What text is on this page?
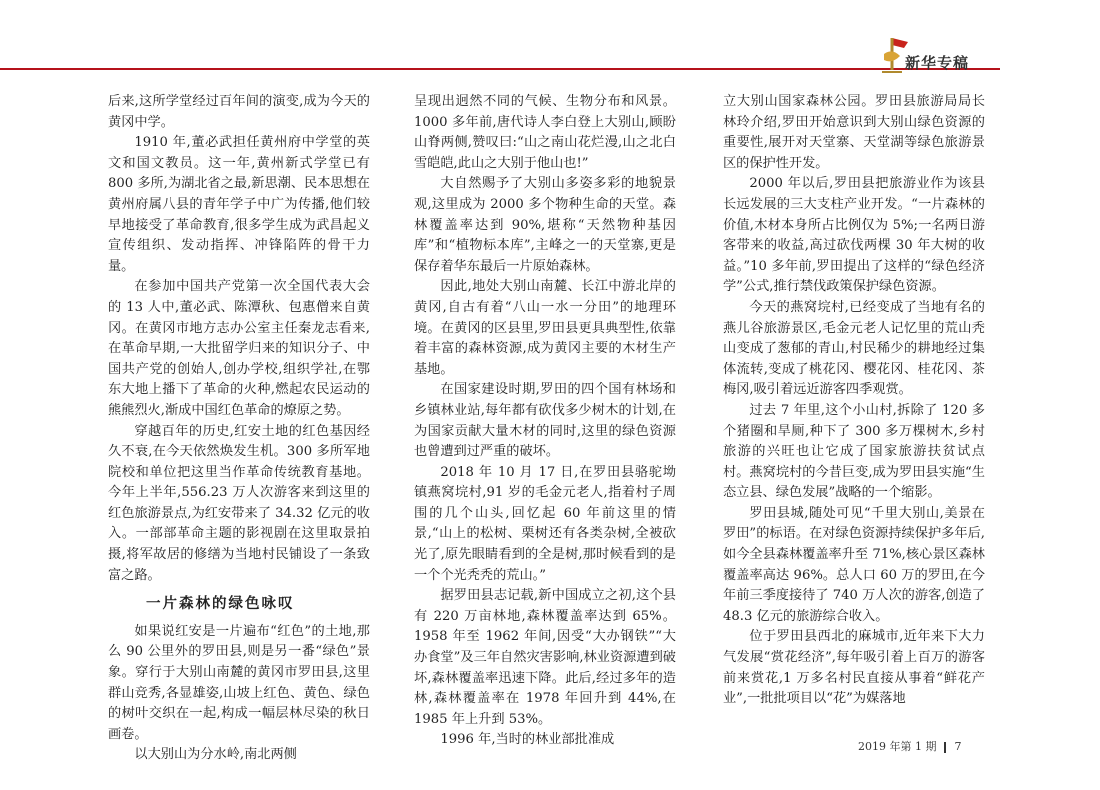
新华专稿

后来,这所学堂经过百年间的演变,成为今天的黄冈中学。

1910 年,董必武担任黄州府中学堂的英文和国文教员。这一年,黄州新式学堂已有 800 多所,为湖北省之最,新思潮、民本思想在黄州府属八县的青年学子中广为传播,他们较早地接受了革命教育,很多学生成为武昌起义宣传组织、发动指挥、冲锋陷阵的骨干力量。

在参加中国共产党第一次全国代表大会的 13 人中,董必武、陈潭秋、包惠僧来自黄冈。在黄冈市地方志办公室主任秦龙志看来,在革命早期,一大批留学归来的知识分子、中国共产党的创始人,创办学校,组织学社,在鄂东大地上播下了革命的火种,燃起农民运动的熊熊烈火,渐成中国红色革命的燎原之势。

穿越百年的历史,红安土地的红色基因经久不衰,在今天依然焕发生机。300 多所军地院校和单位把这里当作革命传统教育基地。今年上半年,556.23 万人次游客来到这里的红色旅游景点,为红安带来了 34.32 亿元的收入。一部部革命主题的影视剧在这里取景拍摄,将军故居的修缮为当地村民铺设了一条致富之路。

一片森林的绿色咏叹

如果说红安是一片遍布“红色”的土地,那么 90 公里外的罗田县,则是另一番“绿色”景象。穿行于大别山南麓的黄冈市罗田县,这里群山竞秀,各显雄姿,山坡上红色、黄色、绿色的树叶交织在一起,构成一幅层林尽染的秋日画卷。

以大别山为分水岭,南北两侧

呈现出迥然不同的气候、生物分布和风景。1000 多年前,唐代诗人李白登上大别山,顾盼山脊两侧,赞叹曰:“山之南山花烂漫,山之北白雪皑皑,此山之大别于他山也!”

大自然赐予了大别山多姿多彩的地貌景观,这里成为 2000 多个物种生命的天堂。森林覆盖率达到 90%,堪称“天然物种基因库”和“植物标本库”,主峰之一的天堂寨,更是保存着华东最后一片原始森林。

因此,地处大别山南麓、长江中游北岸的黄冈,自古有着“八山一水一分田”的地理环境。在黄冈的区县里,罗田县更具典型性,依靠着丰富的森林资源,成为黄冈主要的木材生产基地。

在国家建设时期,罗田的四个国有林场和乡镇林业站,每年都有砍伐多少树木的计划,在为国家贡献大量木材的同时,这里的绿色资源也曾遭到过严重的破坏。

2018 年 10 月 17 日,在罗田县骆驼坳镇燕窝垸村,91 岁的毛金元老人,指着村子周围的几个山头,回忆起 60 年前这里的情景,“山上的松树、栗树还有各类杂树,全被砍光了,原先眼睛看到的全是树,那时候看到的是一个个光秃秃的荒山。”

据罗田县志记载,新中国成立之初,这个县有 220 万亩林地,森林覆盖率达到 65%。1958 年至 1962 年间,因受“大办钢铁”“大办食堂”及三年自然灾害影响,林业资源遭到破坏,森林覆盖率迅速下降。此后,经过多年的造林,森林覆盖率在 1978 年回升到 44%,在 1985 年上升到 53%。

1996 年,当时的林业部批准成

立大别山国家森林公园。罗田县旅游局局长林玲介绍,罗田开始意识到大别山绿色资源的重要性,展开对天堂寨、天堂湖等绿色旅游景区的保护性开发。

2000 年以后,罗田县把旅游业作为该县长远发展的三大支柱产业开发。“一片森林的价值,木材本身所占比例仅为 5%;一名两日游客带来的收益,高过砍伐两棵 30 年大树的收益。”10 多年前,罗田提出了这样的“绿色经济学”公式,推行禁伐政策保护绿色资源。

今天的燕窝垸村,已经变成了当地有名的燕儿谷旅游景区,毛金元老人记忆里的荒山秃山变成了葱郁的青山,村民稀少的耕地经过集体流转,变成了桃花冈、樱花冈、桂花冈、茶梅冈,吸引着远近游客四季观赏。

过去 7 年里,这个小山村,拆除了 120 多个猪圈和旱厕,种下了 300 多万棵树木,乡村旅游的兴旺也让它成了国家旅游扶贫试点村。燕窝垸村的今昔巨变,成为罗田县实施“生态立县、绿色发展”战略的一个缩影。

罗田县城,随处可见“千里大别山,美景在罗田”的标语。在对绿色资源持续保护多年后,如今全县森林覆盖率升至 71%,核心景区森林覆盖率高达 96%。总人口 60 万的罗田,在今年前三季度接待了 740 万人次的游客,创造了 48.3 亿元的旅游综合收入。

位于罗田县西北的麻城市,近年来下大力气发展“赏花经济”,每年吸引着上百万的游客前来赏花,1 万多名村民直接从事着“鲜花产业”,一批批项目以“花”为媒落地

2019 年第 1 期 7
